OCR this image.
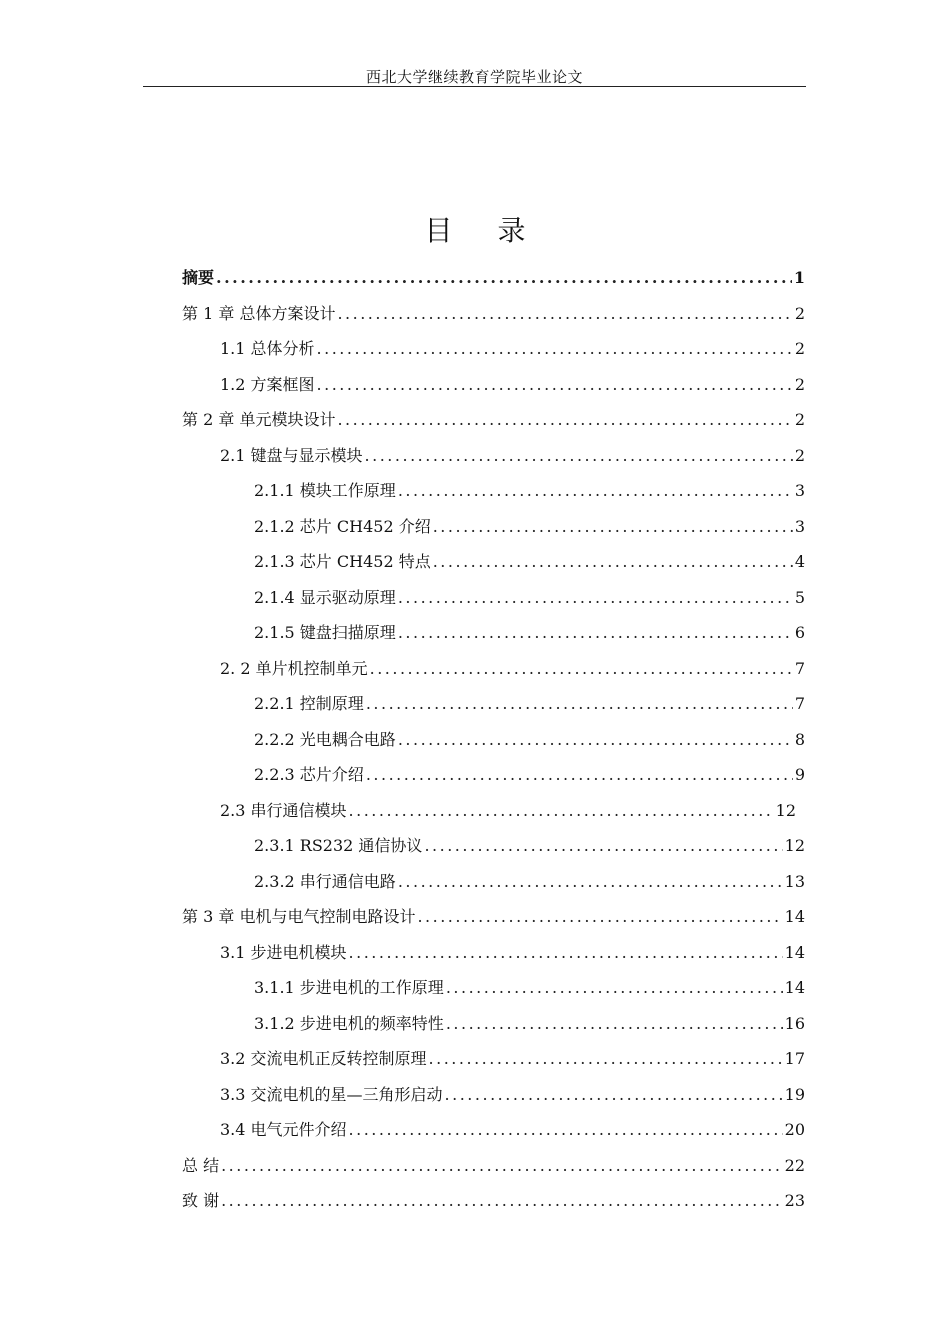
西北大学继续教育学院毕业论文
目 录
摘要 .....	1
第 1 章 总体方案设计 .....	2
1.1 总体分析 .....	2
1.2 方案框图 .....	2
第 2 章 单元模块设计 .....	2
2.1 键盘与显示模块 .....	2
2.1.1 模块工作原理 .....	3
2.1.2 芯片 CH452 介绍 .....	3
2.1.3 芯片 CH452 特点 .....	4
2.1.4 显示驱动原理 .....	5
2.1.5 键盘扫描原理 .....	6
2. 2 单片机控制单元 .....	7
2.2.1 控制原理 .....	7
2.2.2 光电耦合电路 .....	8
2.2.3 芯片介绍 .....	9
2.3 串行通信模块 .....	12
2.3.1 RS232 通信协议 .....	12
2.3.2 串行通信电路 .....	13
第 3 章 电机与电气控制电路设计 .....	14
3.1 步进电机模块 .....	14
3.1.1 步进电机的工作原理 .....	14
3.1.2 步进电机的频率特性 .....	16
3.2 交流电机正反转控制原理 .....	17
3.3 交流电机的星—三角形启动 .....	19
3.4 电气元件介绍 .....	20
总 结 .....	22
致 谢 .....	23
